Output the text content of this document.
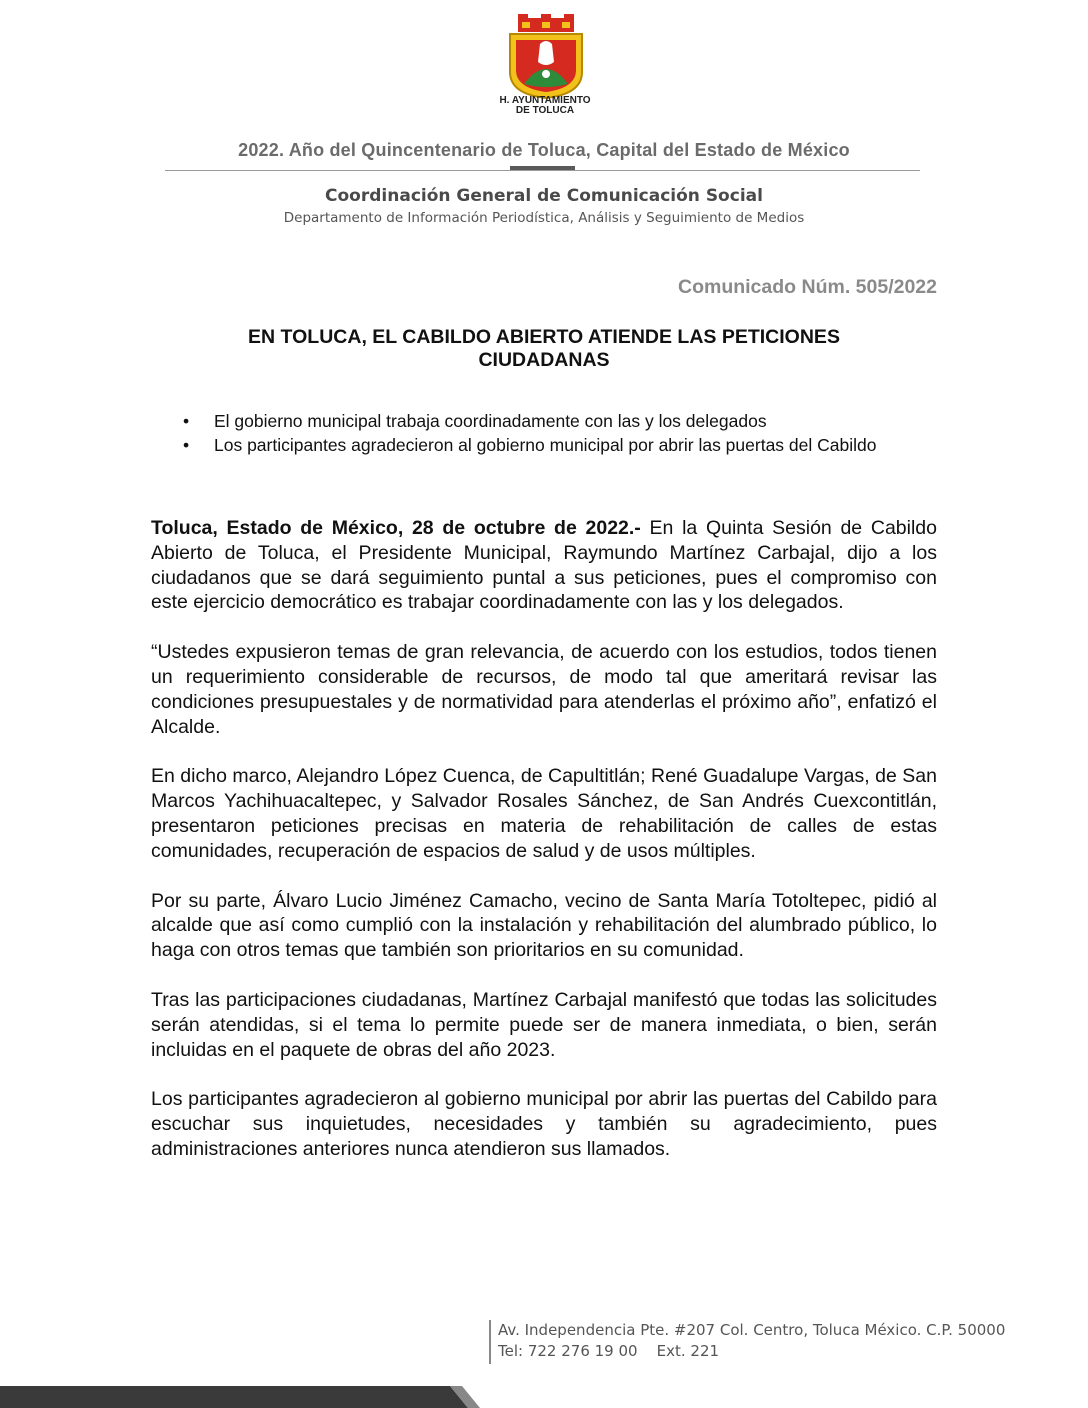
H. AYUNTAMIENTO
DE TOLUCA
2022. Año del Quincentenario de Toluca, Capital del Estado de México
Coordinación General de Comunicación Social
Departamento de Información Periodística, Análisis y Seguimiento de Medios
Comunicado Núm. 505/2022
EN TOLUCA, EL CABILDO ABIERTO ATIENDE LAS PETICIONES
CIUDADANAS
• El gobierno municipal trabaja coordinadamente con las y los delegados
• Los participantes agradecieron al gobierno municipal por abrir las puertas del Cabildo

Toluca, Estado de México, 28 de octubre de 2022.- En la Quinta Sesión de Cabildo Abierto de Toluca, el Presidente Municipal, Raymundo Martínez Carbajal, dijo a los ciudadanos que se dará seguimiento puntal a sus peticiones, pues el compromiso con este ejercicio democrático es trabajar coordinadamente con las y los delegados.

“Ustedes expusieron temas de gran relevancia, de acuerdo con los estudios, todos tienen un requerimiento considerable de recursos, de modo tal que ameritará revisar las condiciones presupuestales y de normatividad para atenderlas el próximo año”, enfatizó el Alcalde.

En dicho marco, Alejandro López Cuenca, de Capultitlán; René Guadalupe Vargas, de San Marcos Yachihuacaltepec, y Salvador Rosales Sánchez, de San Andrés Cuexcontitlán, presentaron peticiones precisas en materia de rehabilitación de calles de estas comunidades, recuperación de espacios de salud y de usos múltiples.

Por su parte, Álvaro Lucio Jiménez Camacho, vecino de Santa María Totoltepec, pidió al alcalde que así como cumplió con la instalación y rehabilitación del alumbrado público, lo haga con otros temas que también son prioritarios en su comunidad.

Tras las participaciones ciudadanas, Martínez Carbajal manifestó que todas las solicitudes serán atendidas, si el tema lo permite puede ser de manera inmediata, o bien, serán incluidas en el paquete de obras del año 2023.

Los participantes agradecieron al gobierno municipal por abrir las puertas del Cabildo para escuchar sus inquietudes, necesidades y también su agradecimiento, pues administraciones anteriores nunca atendieron sus llamados.

Av. Independencia Pte. #207 Col. Centro, Toluca México. C.P. 50000
Tel: 722 276 19 00    Ext. 221
